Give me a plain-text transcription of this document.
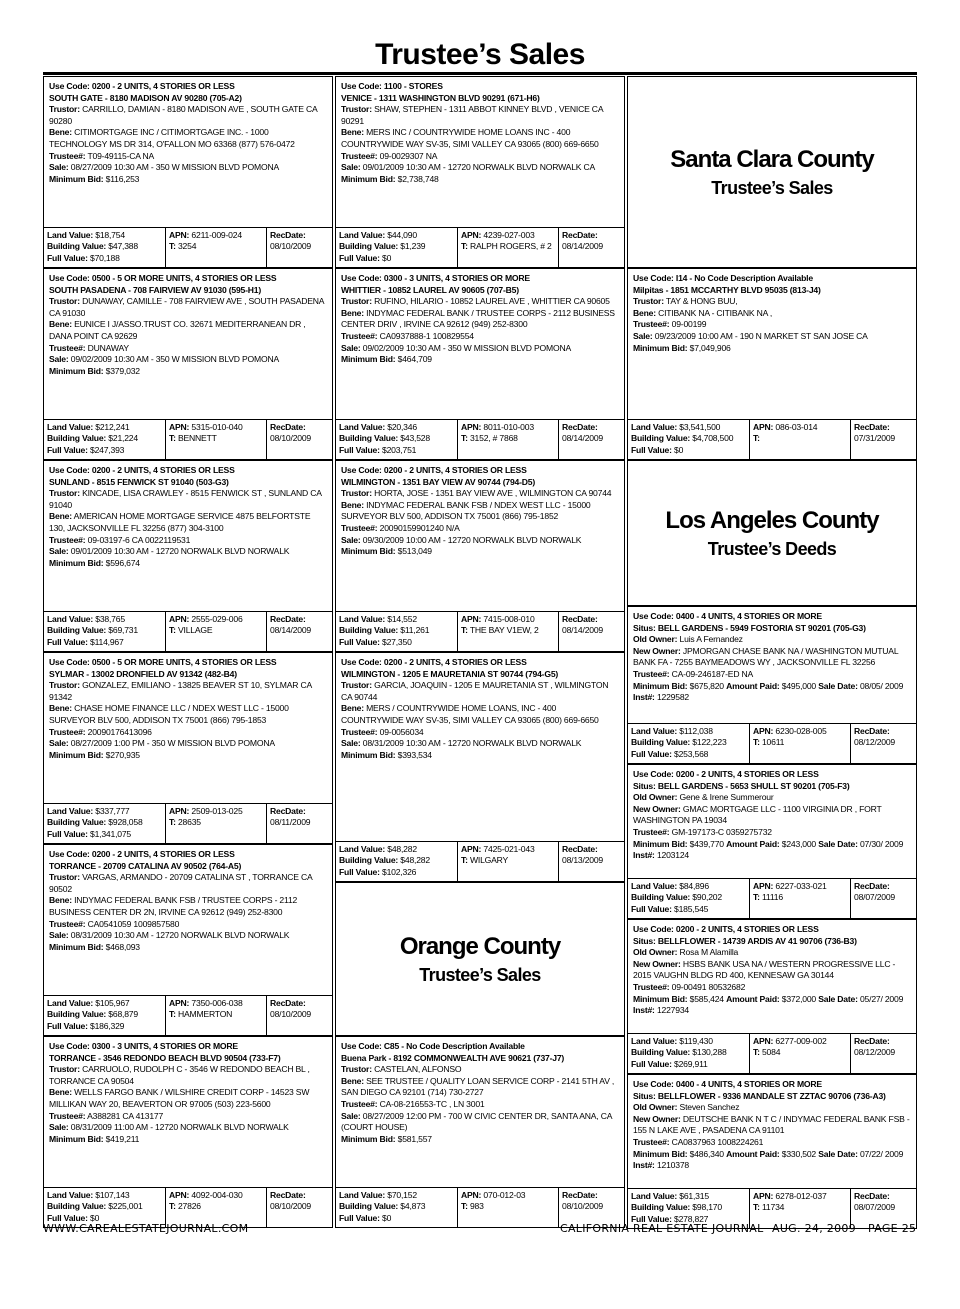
Trustee’s Sales
Use Code: 0200 - 2 UNITS, 4 STORIES OR LESS
SOUTH GATE - 8180 MADISON AV 90280 (705-A2)
Trustor: CARRILLO, DAMIAN - 8180 MADISON AVE , SOUTH GATE CA 90280
Bene: CITIMORTGAGE INC / CITIMORTGAGE INC. - 1000 TECHNOLOGY MS DR 314, O'FALLON MO 63368 (877) 576-0472
Trustee#: T09-49115-CA NA
Sale: 08/27/2009 10:30 AM - 350 W MISSION BLVD POMONA
Minimum Bid: $116,253
Land Value: $18,754
Building Value: $47,388
Full Value: $70,188
APN: 6211-009-024
T: 3254
RecDate:
08/10/2009
Use Code: 0500 - 5 OR MORE UNITS, 4 STORIES OR LESS
SOUTH PASADENA - 708 FAIRVIEW AV 91030 (595-H1)
Trustor: DUNAWAY, CAMILLE - 708 FAIRVIEW AVE , SOUTH PASADENA CA 91030
Bene: EUNICE I J/ASSO.TRUST CO. 32671 MEDITERRANEAN DR , DANA POINT CA 92629
Trustee#: DUNAWAY
Sale: 09/02/2009 10:30 AM - 350 W MISSION BLVD POMONA
Minimum Bid: $379,032
Land Value: $212,241
Building Value: $21,224
Full Value: $247,393
APN: 5315-010-040
T: BENNETT
RecDate:
08/10/2009
Use Code: 0200 - 2 UNITS, 4 STORIES OR LESS
SUNLAND - 8515 FENWICK ST 91040 (503-G3)
Trustor: KINCADE, LISA CRAWLEY - 8515 FENWICK ST , SUNLAND CA 91040
Bene: AMERICAN HOME MORTGAGE SERVICE 4875 BELFORTSTE 130, JACKSONVILLE FL 32256 (877) 304-3100
Trustee#: 09-03197-6 CA 0022119531
Sale: 09/01/2009 10:30 AM - 12720 NORWALK BLVD NORWALK
Minimum Bid: $596,674
Land Value: $38,765
Building Value: $69,731
Full Value: $114,967
APN: 2555-029-006
T: VILLAGE
RecDate:
08/14/2009
Use Code: 0500 - 5 OR MORE UNITS, 4 STORIES OR LESS
SYLMAR - 13002 DRONFIELD AV 91342 (482-B4)
Trustor: GONZALEZ, EMILIANO - 13825 BEAVER ST 10, SYLMAR CA 91342
Bene: CHASE HOME FINANCE LLC / NDEX WEST LLC - 15000 SURVEYOR BLV 500, ADDISON TX 75001 (866) 795-1853
Trustee#: 20090176413096
Sale: 08/27/2009 1:00 PM - 350 W MISSION BLVD POMONA
Minimum Bid: $270,935
Land Value: $337,777
Building Value: $928,058
Full Value: $1,341,075
APN: 2509-013-025
T: 28635
RecDate:
08/11/2009
Use Code: 0200 - 2 UNITS, 4 STORIES OR LESS
TORRANCE - 20709 CATALINA AV 90502 (764-A5)
Trustor: VARGAS, ARMANDO - 20709 CATALINA ST , TORRANCE CA 90502
Bene: INDYMAC FEDERAL BANK FSB / TRUSTEE CORPS - 2112 BUSINESS CENTER DR 2N, IRVINE CA 92612 (949) 252-8300
Trustee#: CA0541059 1009857580
Sale: 08/31/2009 10:30 AM - 12720 NORWALK BLVD NORWALK
Minimum Bid: $468,093
Land Value: $105,967
Building Value: $68,879
Full Value: $186,329
APN: 7350-006-038
T: HAMMERTON
RecDate:
08/10/2009
Use Code: 0300 - 3 UNITS, 4 STORIES OR MORE
TORRANCE - 3546 REDONDO BEACH BLVD 90504 (733-F7)
Trustor: CARRUOLO, RUDOLPH C - 3546 W REDONDO BEACH BL , TORRANCE CA 90504
Bene: WELLS FARGO BANK / WILSHIRE CREDIT CORP - 14523 SW MILLIKAN WAY 20, BEAVERTON OR 97005 (503) 223-5600
Trustee#: A388281 CA 413177
Sale: 08/31/2009 11:00 AM - 12720 NORWALK BLVD NORWALK
Minimum Bid: $419,211
Land Value: $107,143
Building Value: $225,001
Full Value: $0
APN: 4092-004-030
T: 27826
RecDate:
08/10/2009
Use Code: 1100 - STORES
VENICE - 1311 WASHINGTON BLVD 90291 (671-H6)
Trustor: SHAW, STEPHEN - 1311 ABBOT KINNEY BLVD , VENICE CA 90291
Bene: MERS INC / COUNTRYWIDE HOME LOANS INC - 400 COUNTRYWIDE WAY SV-35, SIMI VALLEY CA 93065 (800) 669-6650
Trustee#: 09-0029307 NA
Sale: 09/01/2009 10:30 AM - 12720 NORWALK BLVD NORWALK CA
Minimum Bid: $2,738,748
Land Value: $44,090
Building Value: $1,239
Full Value: $0
APN: 4239-027-003
T: RALPH ROGERS, # 2
RecDate:
08/14/2009
Use Code: 0300 - 3 UNITS, 4 STORIES OR MORE
WHITTIER - 10852 LAUREL AV 90605 (707-B5)
Trustor: RUFINO, HILARIO - 10852 LAUREL AVE , WHITTIER CA 90605
Bene: INDYMAC FEDERAL BANK / TRUSTEE CORPS - 2112 BUSINESS CENTER DRIV , IRVINE CA 92612 (949) 252-8300
Trustee#: CA0937888-1 100829554
Sale: 09/02/2009 10:30 AM - 350 W MISSION BLVD POMONA
Minimum Bid: $464,709
Land Value: $20,346
Building Value: $43,528
Full Value: $203,751
APN: 8011-010-003
T: 3152, # 7868
RecDate:
08/14/2009
Use Code: 0200 - 2 UNITS, 4 STORIES OR LESS
WILMINGTON - 1351 BAY VIEW AV 90744 (794-D5)
Trustor: HORTA, JOSE - 1351 BAY VIEW AVE , WILMINGTON CA 90744
Bene: INDYMAC FEDERAL BANK FSB / NDEX WEST LLC - 15000 SURVEYOR BLV 500, ADDISON TX 75001 (866) 795-1852
Trustee#: 20090159901240 N/A
Sale: 09/30/2009 10:00 AM - 12720 NORWALK BLVD NORWALK
Minimum Bid: $513,049
Land Value: $14,552
Building Value: $11,261
Full Value: $27,350
APN: 7415-008-010
T: THE BAY V1EW, 2
RecDate:
08/14/2009
Use Code: 0200 - 2 UNITS, 4 STORIES OR LESS
WILMINGTON - 1205 E MAURETANIA ST 90744 (794-G5)
Trustor: GARCIA, JOAQUIN - 1205 E MAURETANIA ST , WILMINGTON CA 90744
Bene: MERS / COUNTRYWIDE HOME LOANS, INC - 400 COUNTRYWIDE WAY SV-35, SIMI VALLEY CA 93065 (800) 669-6650
Trustee#: 09-0056034
Sale: 08/31/2009 10:30 AM - 12720 NORWALK BLVD NORWALK
Minimum Bid: $393,534
Land Value: $48,282
Building Value: $48,282
Full Value: $102,326
APN: 7425-021-043
T: WILGARY
RecDate:
08/13/2009
Orange County
Trustee’s Sales
Use Code: C85 - No Code Description Available
Buena Park - 8192 COMMONWEALTH AVE 90621 (737-J7)
Trustor: CASTELAN, ALFONSO
Bene: SEE TRUSTEE / QUALITY LOAN SERVICE CORP - 2141 5TH AV , SAN DIEGO CA 92101 (714) 730-2727
Trustee#: CA-08-216553-TC , LN 3001
Sale: 08/27/2009 12:00 PM - 700 W CIVIC CENTER DR, SANTA ANA, CA (COURT HOUSE)
Minimum Bid: $581,557
Land Value: $70,152
Building Value: $4,873
Full Value: $0
APN: 070-012-03
T: 983
RecDate:
08/10/2009
Santa Clara County
Trustee’s Sales
Use Code: I14 - No Code Description Available
Milpitas - 1851 MCCARTHY BLVD 95035 (813-J4)
Trustor: TAY & HONG BUU,
Bene: CITIBANK NA - CITIBANK NA ,
Trustee#: 09-00199
Sale: 09/23/2009 10:00 AM - 190 N MARKET ST SAN JOSE CA
Minimum Bid: $7,049,906
Land Value: $3,541,500
Building Value: $4,708,500
Full Value: $0
APN: 086-03-014
T:
RecDate:
07/31/2009
Los Angeles County
Trustee’s Deeds
Use Code: 0400 - 4 UNITS, 4 STORIES OR MORE
Situs: BELL GARDENS - 5949 FOSTORIA ST 90201 (705-G3)
Old Owner: Luis A Fernandez
New Owner: JPMORGAN CHASE BANK NA / WASHINGTON MUTUAL BANK FA - 7255 BAYMEADOWS WY , JACKSONVILLE FL 32256
Trustee#: CA-09-246187-ED NA
Minimum Bid: $675,820 Amount Paid: $495,000 Sale Date: 08/05/ 2009 Inst#: 1229582
Land Value: $112,038
Building Value: $122,223
Full Value: $253,568
APN: 6230-028-005
T: 10611
RecDate:
08/12/2009
Use Code: 0200 - 2 UNITS, 4 STORIES OR LESS
Situs: BELL GARDENS - 5653 SHULL ST 90201 (705-F3)
Old Owner: Gene & Irene Summerour
New Owner: GMAC MORTGAGE LLC - 1100 VIRGINIA DR , FORT WASHINGTON PA 19034
Trustee#: GM-197173-C 0359275732
Minimum Bid: $439,770 Amount Paid: $243,000 Sale Date: 07/30/ 2009 Inst#: 1203124
Land Value: $84,896
Building Value: $90,202
Full Value: $185,545
APN: 6227-033-021
T: 11116
RecDate:
08/07/2009
Use Code: 0200 - 2 UNITS, 4 STORIES OR LESS
Situs: BELLFLOWER - 14739 ARDIS AV 41 90706 (736-B3)
Old Owner: Rosa M Alamilla
New Owner: HSBS BANK USA NA / WESTERN PROGRESSIVE LLC - 2015 VAUGHN BLDG RD 400, KENNESAW GA 30144
Trustee#: 09-00491 80532682
Minimum Bid: $585,424 Amount Paid: $372,000 Sale Date: 05/27/ 2009 Inst#: 1227934
Land Value: $119,430
Building Value: $130,288
Full Value: $269,911
APN: 6277-009-002
T: 5084
RecDate:
08/12/2009
Use Code: 0400 - 4 UNITS, 4 STORIES OR MORE
Situs: BELLFLOWER - 9336 MANDALE ST ZZTAC 90706 (736-A3)
Old Owner: Steven Sanchez
New Owner: DEUTSCHE BANK N T C / INDYMAC FEDERAL BANK FSB - 155 N LAKE AVE , PASADENA CA 91101
Trustee#: CA0837963 1008224261
Minimum Bid: $486,340 Amount Paid: $330,502 Sale Date: 07/22/ 2009 Inst#: 1210378
Land Value: $61,315
Building Value: $98,170
Full Value: $278,827
APN: 6278-012-037
T: 11734
RecDate:
08/07/2009
WWW.CAREALESTATEJOURNAL.COM	CALIFORNIA REAL ESTATE JOURNAL AUG. 24, 2009 PAGE 25
